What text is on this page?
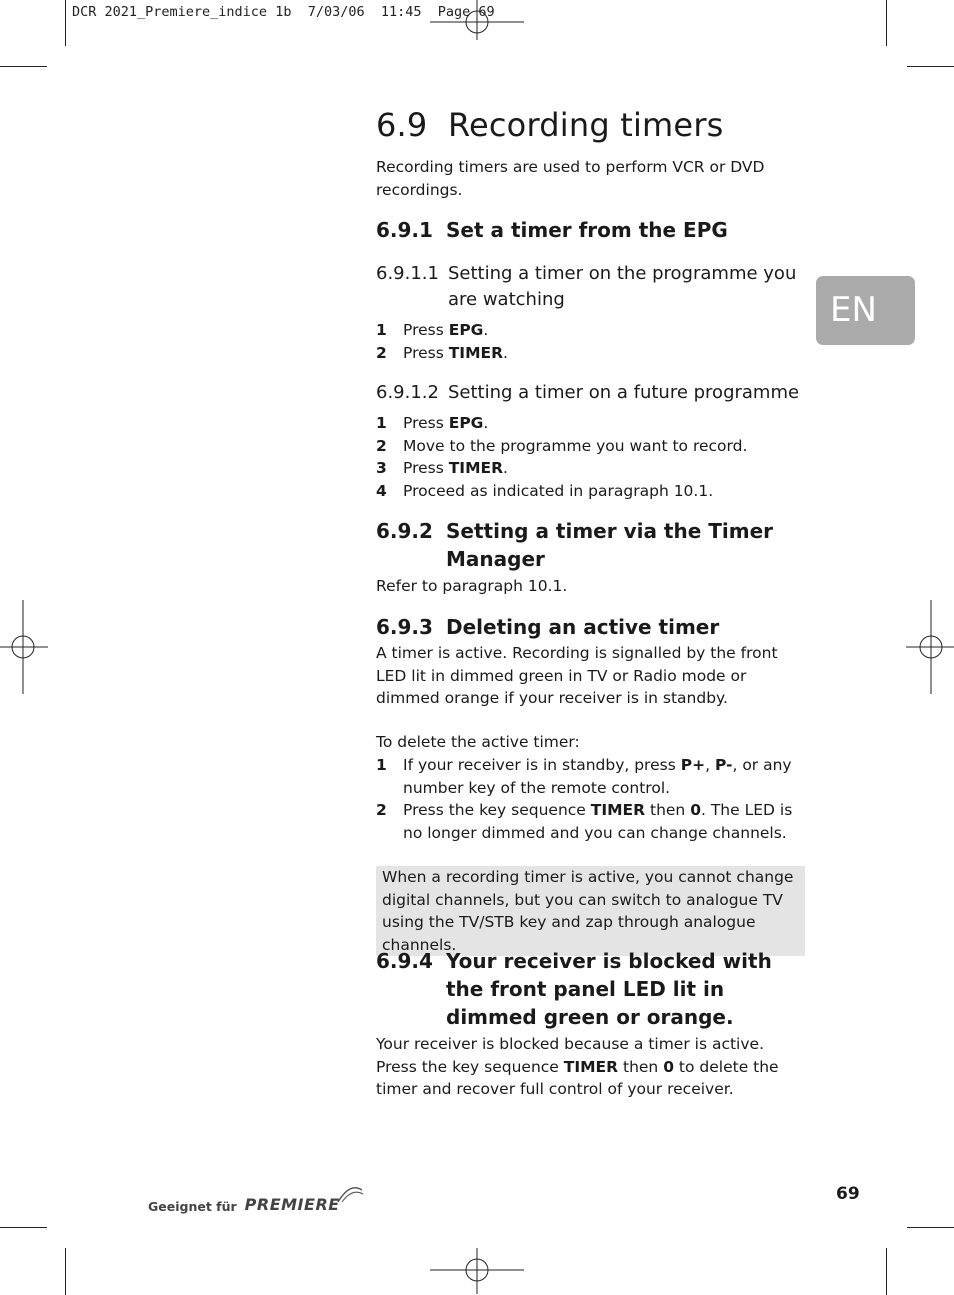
DCR 2021_Premiere_indice 1b  7/03/06  11:45  Page 69
EN
6.9 Recording timers

Recording timers are used to perform VCR or DVD recordings.

6.9.1 Set a timer from the EPG
6.9.1.1 Setting a timer on the programme you are watching
1	Press EPG.
2	Press TIMER.
6.9.1.2 Setting a timer on a future programme
1	Press EPG.
2	Move to the programme you want to record.
3	Press TIMER.
4	Proceed as indicated in paragraph 10.1.
6.9.2 Setting a timer via the Timer Manager

Refer to paragraph 10.1.

6.9.3 Deleting an active timer

A timer is active. Recording is signalled by the front LED lit in dimmed green in TV or Radio mode or dimmed orange if your receiver is in standby.

To delete the active timer:

1	If your receiver is in standby, press P+, P-, or any number key of the remote control.
2	Press the key sequence TIMER then 0. The LED is no longer dimmed and you can change channels.
When a recording timer is active, you cannot change digital channels, but you can switch to analogue TV using the TV/STB key and zap through analogue channels.
6.9.4 Your receiver is blocked with the front panel LED lit in dimmed green or orange.

Your receiver is blocked because a timer is active. Press the key sequence TIMER then 0 to delete the timer and recover full control of your receiver.

Geeignet für PREMIERE
69
